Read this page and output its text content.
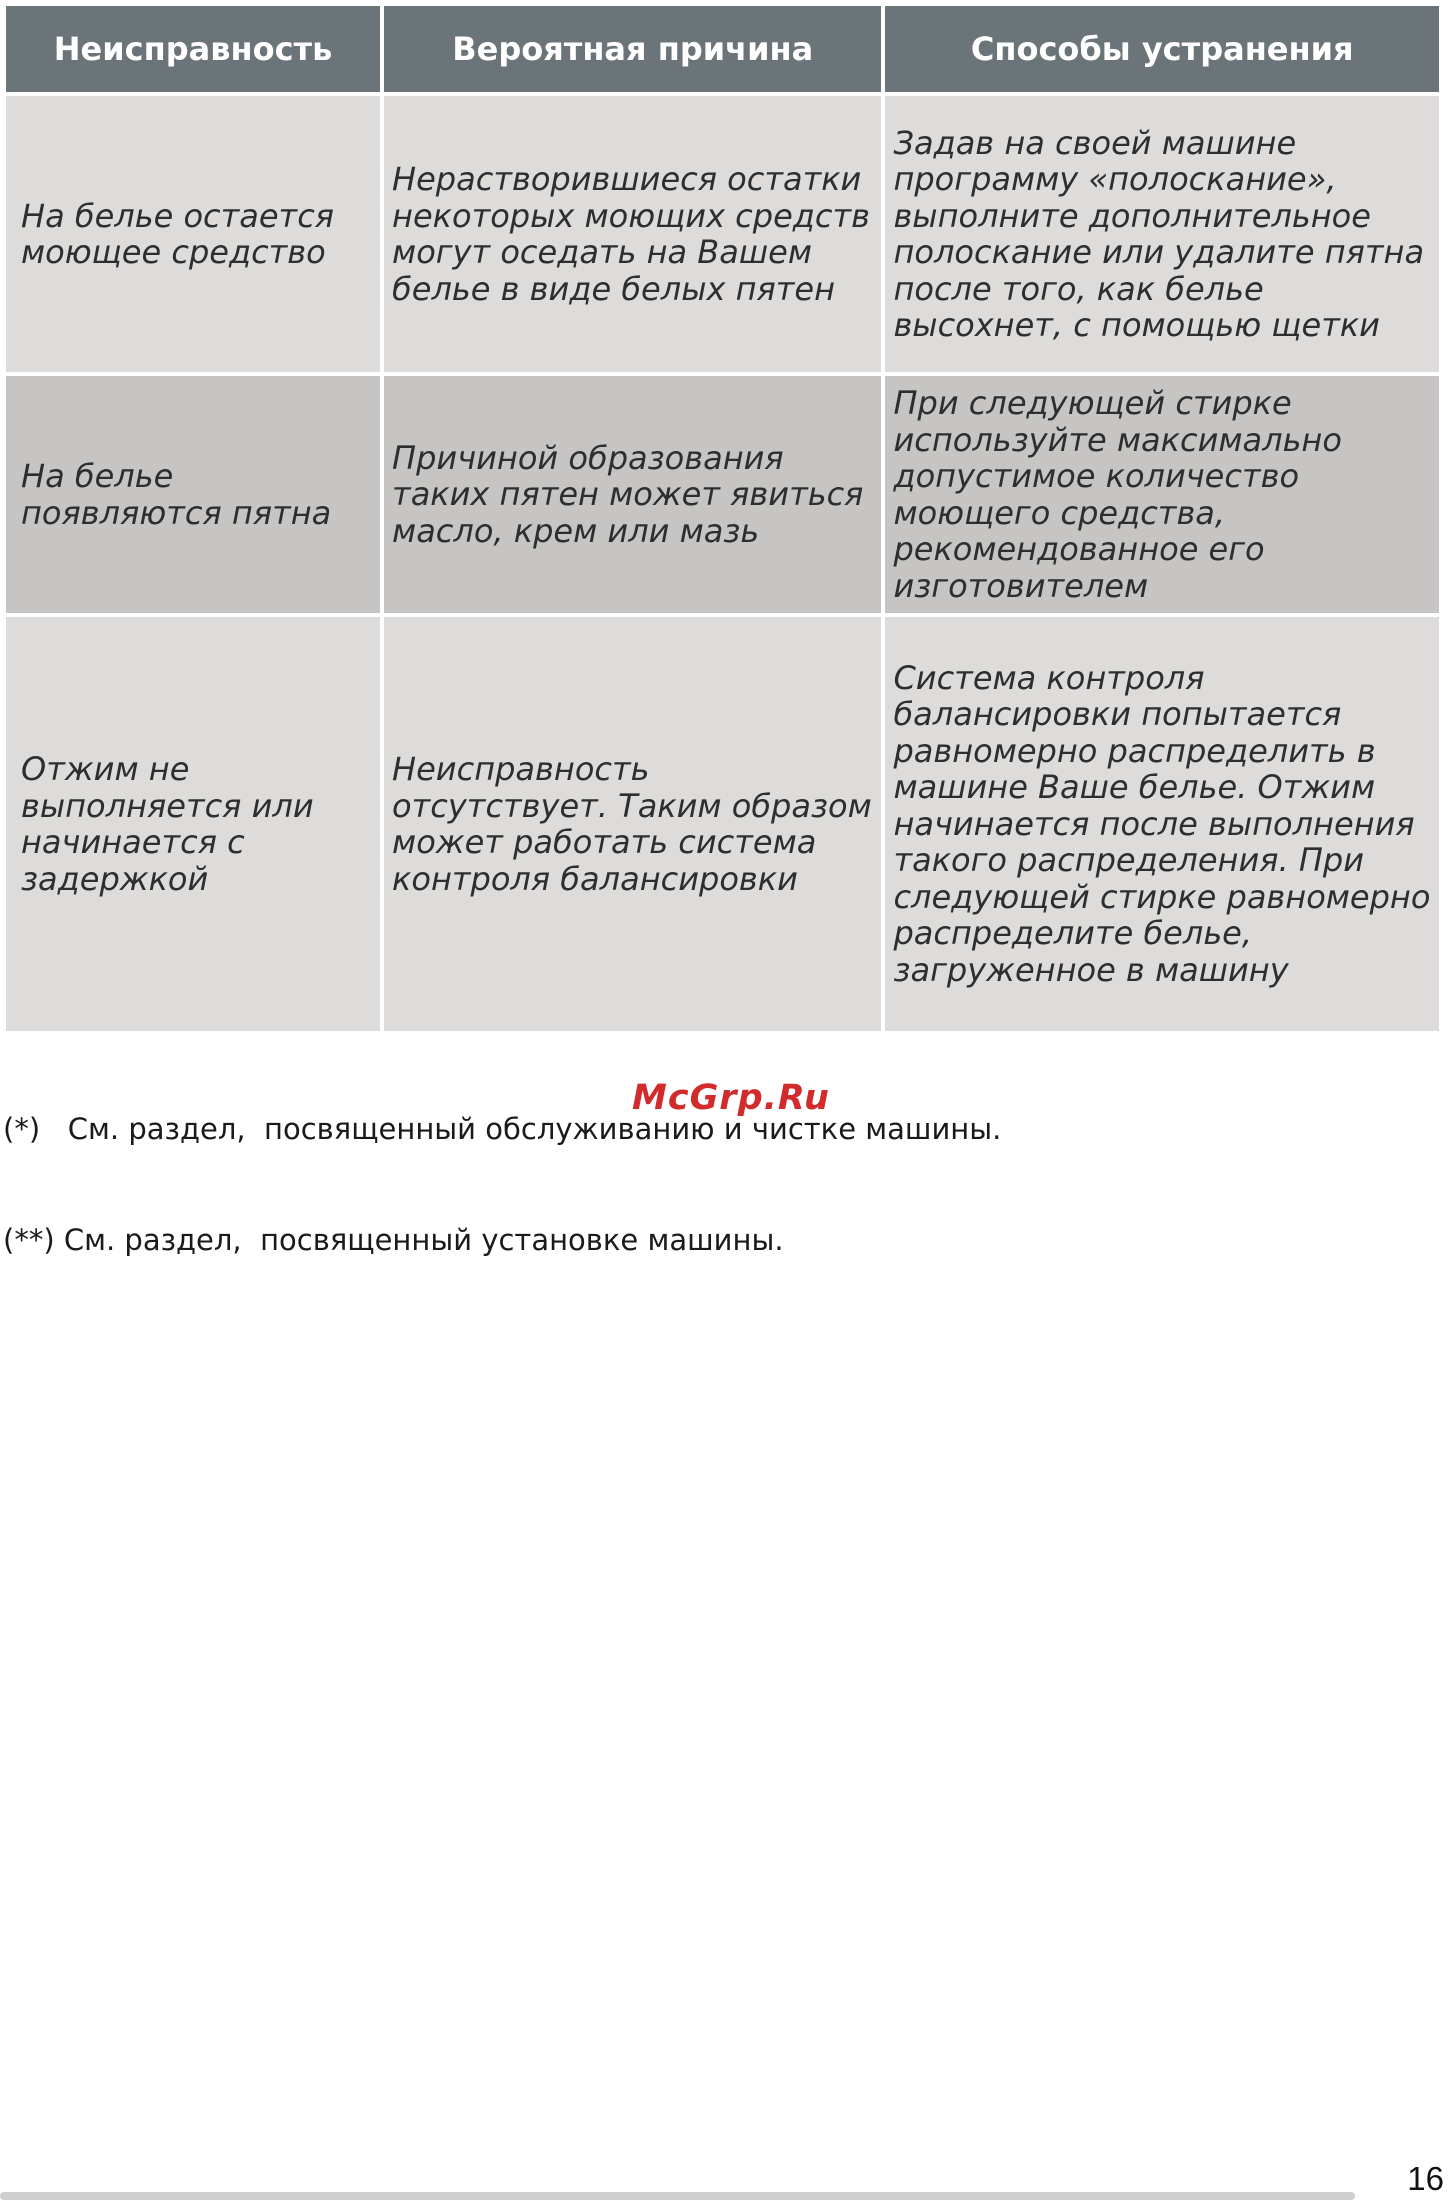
Неисправность	Вероятная причина	Способы устранения
На белье остается моющее средство	Нерастворившиеся остатки некоторых моющих средств могут оседать на Вашем белье в виде белых пятен	Задав на своей машине программу «полоскание», выполните дополнительное полоскание или удалите пятна после того, как белье высохнет, с помощью щетки
На белье появляются пятна	Причиной образования таких пятен может явиться масло, крем или мазь	При следующей стирке используйте максимально допустимое количество моющего средства, рекомендованное его изготовителем
Отжим не выполняется или начинается с задержкой	Неисправность отсутствует. Таким образом может работать система контроля балансировки	Система контроля балансировки попытается равномерно распределить в машине Ваше белье. Отжим начинается после выполнения такого распределения. При следующей стирке равномерно распределите белье, загруженное в машину

(*)   См. раздел,  посвященный обслуживанию и чистке машины.

(**) См. раздел,  посвященный установке машины.

McGrp.Ru
16
